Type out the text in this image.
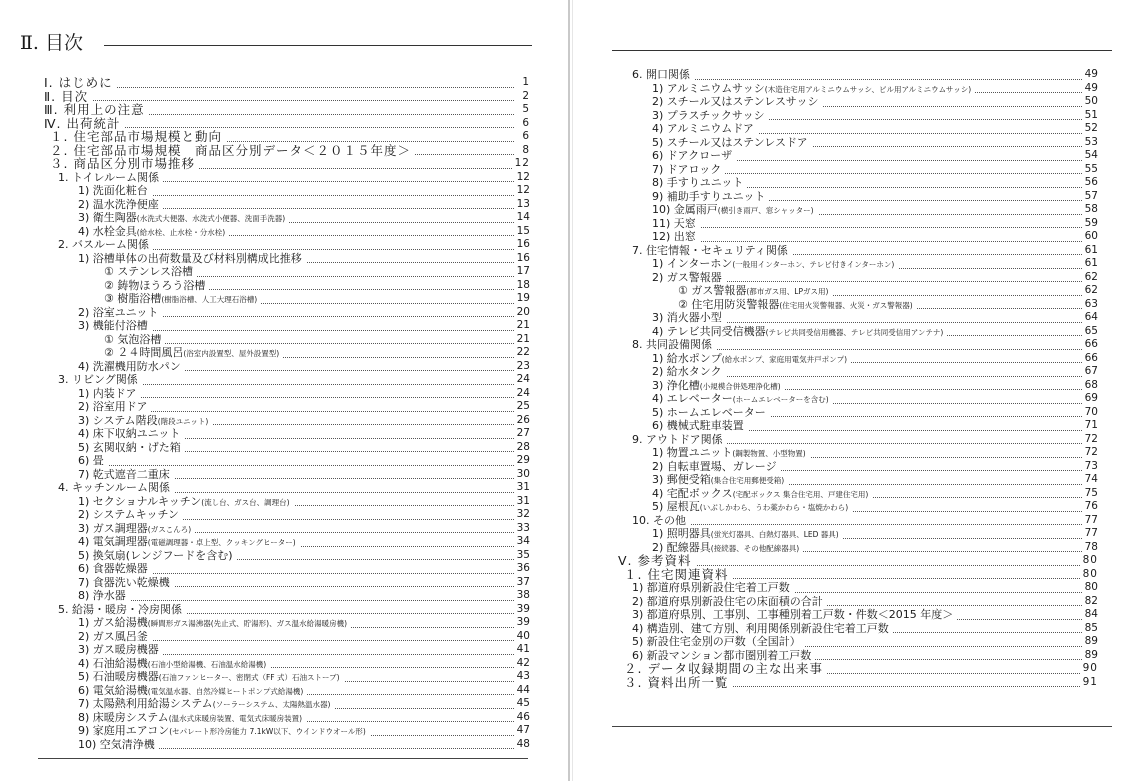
Ⅱ. 目次
Ⅰ. はじめに	1
Ⅱ. 目次	2
Ⅲ. 利用上の注意	5
Ⅳ. 出荷統計	6
１. 住宅部品市場規模と動向	6
２. 住宅部品市場規模　商品区分別データ＜２０１５年度＞	8
３. 商品区分別市場推移	12
1. トイレルーム関係	12
1) 洗面化粧台	12
2) 温水洗浄便座	13
3) 衛生陶器(水洗式大便器、水洗式小便器、洗面手洗器)	14
4) 水栓金具(給水栓、止水栓・分水栓)	15
2. バスルーム関係	16
1) 浴槽単体の出荷数量及び材料別構成比推移	16
① ステンレス浴槽	17
② 鋳物ほうろう浴槽	18
③ 樹脂浴槽(樹脂浴槽、人工大理石浴槽)	19
2) 浴室ユニット	20
3) 機能付浴槽	21
① 気泡浴槽	21
② ２４時間風呂(浴室内設置型、屋外設置型)	22
4) 洗濯機用防水パン	23
3. リビング関係	24
1) 内装ドア	24
2) 浴室用ドア	25
3) システム階段(階段ユニット)	26
4) 床下収納ユニット	27
5) 玄関収納・げた箱	28
6) 畳	29
7) 乾式遮音二重床	30
4. キッチンルーム関係	31
1) セクショナルキッチン(流し台、ガス台、調理台)	31
2) システムキッチン	32
3) ガス調理器(ガスこんろ)	33
4) 電気調理器(電磁調理器・卓上型、クッキングヒーター)	34
5) 換気扇(レンジフードを含む)	35
6) 食器乾燥器	36
7) 食器洗い乾燥機	37
8) 浄水器	38
5. 給湯・暖房・冷房関係	39
1) ガス給湯機(瞬間形ガス湯沸器(先止式、貯湯形)、ガス温水給湯暖房機)	39
2) ガス風呂釜	40
3) ガス暖房機器	41
4) 石油給湯機(石油小型給湯機、石油温水給湯機)	42
5) 石油暖房機器(石油ファンヒーター、密閉式（FF 式）石油ストーブ)	43
6) 電気給湯機(電気温水器、自然冷媒ヒートポンプ式給湯機)	44
7) 太陽熱利用給湯システム(ソーラーシステム、太陽熱温水器)	45
8) 床暖房システム(温水式床暖房装置、電気式床暖房装置)	46
9) 家庭用エアコン(セパレート形冷房能力 7.1kW以下、ウインドウオール形)	47
10) 空気清浄機	48
6. 開口関係	49
1) アルミニウムサッシ(木造住宅用アルミニウムサッシ、ビル用アルミニウムサッシ)	49
2) スチール又はステンレスサッシ	50
3) プラスチックサッシ	51
4) アルミニウムドア	52
5) スチール又はステンレスドア	53
6) ドアクローザ	54
7) ドアロック	55
8) 手すりユニット	56
9) 補助手すりユニット	57
10) 金属雨戸(横引き雨戸、窓シャッター)	58
11) 天窓	59
12) 出窓	60
7. 住宅情報・セキュリティ関係	61
1) インターホン(一般用インターホン、テレビ付きインターホン)	61
2) ガス警報器	62
① ガス警報器(都市ガス用、LPガス用)	62
② 住宅用防災警報器(住宅用火災警報器、火災・ガス警報器)	63
3) 消火器小型	64
4) テレビ共同受信機器(テレビ共同受信用機器、テレビ共同受信用アンテナ)	65
8. 共同設備関係	66
1) 給水ポンプ(給水ポンプ、家庭用電気井戸ポンプ)	66
2) 給水タンク	67
3) 浄化槽(小規模合併処理浄化槽)	68
4) エレベーター(ホームエレベーターを含む)	69
5) ホームエレベーター	70
6) 機械式駐車装置	71
9. アウトドア関係	72
1) 物置ユニット(鋼製物置、小型物置)	72
2) 自転車置場、ガレージ	73
3) 郵便受箱(集合住宅用郵便受箱)	74
4) 宅配ボックス(宅配ボックス 集合住宅用、戸建住宅用)	75
5) 屋根瓦(いぶしかわら、うわ薬かわら・塩焼かわら)	76
10. その他	77
1) 照明器具(蛍光灯器具、白熱灯器具、LED 器具)	77
2) 配線器具(接続器、その他配線器具)	78
Ⅴ. 参考資料	80
１. 住宅関連資料	80
1) 都道府県別新設住宅着工戸数	80
2) 都道府県別新設住宅の床面積の合計	82
3) 都道府県別、工事別、工事種別着工戸数・件数＜2015 年度＞	84
4) 構造別、建て方別、利用関係別新設住宅着工戸数	85
5) 新設住宅金別の戸数（全国計）	89
6) 新設マンション都市圏別着工戸数	89
２. データ収録期間の主な出来事	90
３. 資料出所一覧	91
